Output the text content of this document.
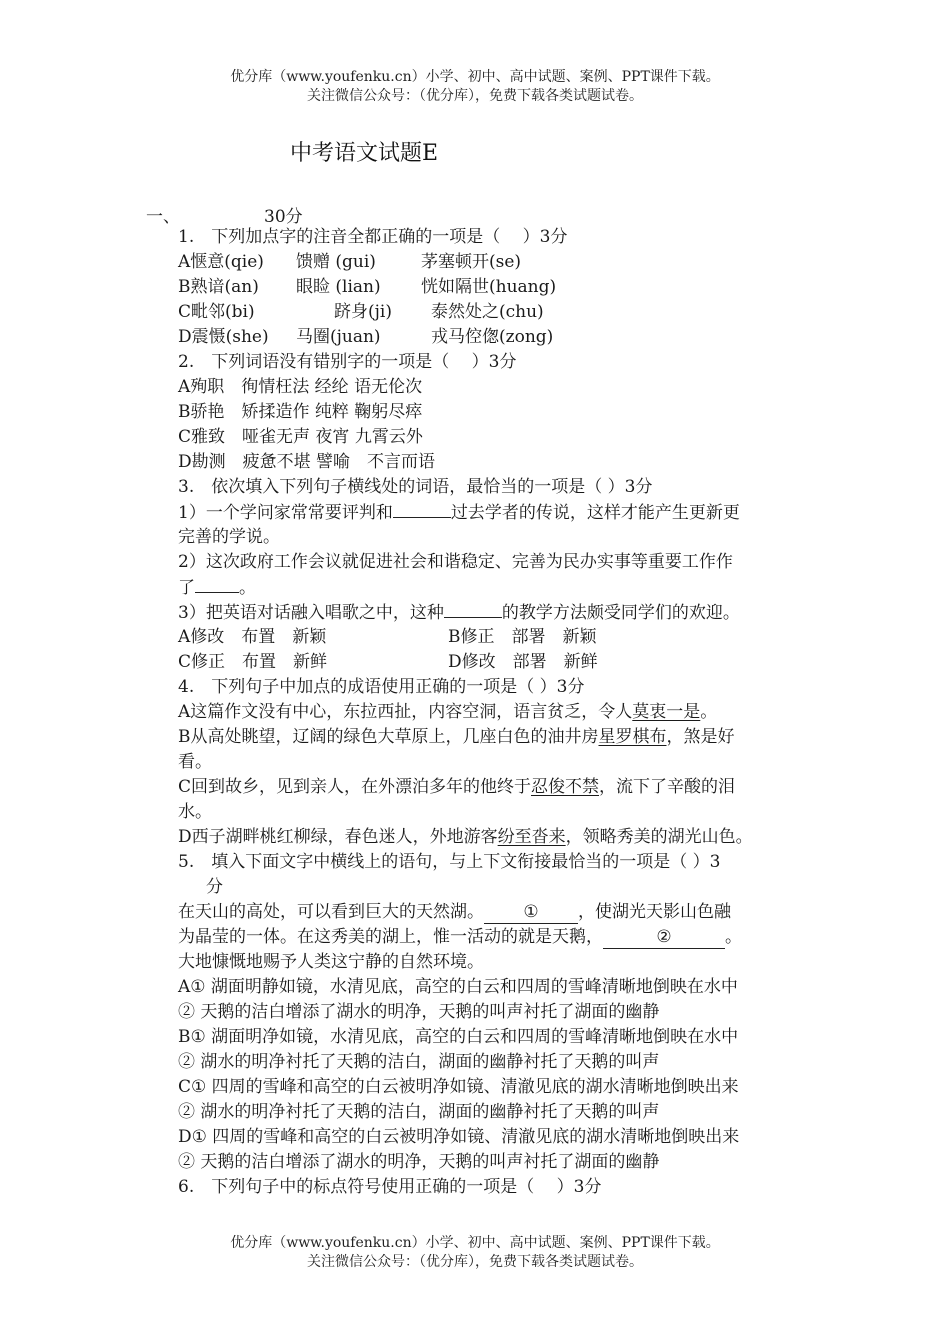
优分库（www.youfenku.cn）小学、初中、高中试题、案例、PPT课件下载。
关注微信公众号：（优分库），免费下载各类试题试卷。
中考语文试题E
一、	30分
1.　下列加点字的注音全都正确的一项是（　 ）3分
A惬意(qie) 馈赠 (gui)	茅塞顿开(se)
B熟谙(an) 眼睑 (lian) 恍如隔世(huang)
C毗邻(bi)	跻身(ji) 泰然处之(chu)
D震慑(she) 马圈(juan)	戎马倥偬(zong)
2.　下列词语没有错别字的一项是（　 ）3分
A殉职　徇情枉法 经纶 语无伦次
B骄艳　矫揉造作 纯粹 鞠躬尽瘁
C雅致　哑雀无声 夜宵 九霄云外
D勘测　疲惫不堪 譬喻　不言而语
3.　依次填入下列句子横线处的词语，最恰当的一项是（ ）3分
1）一个学问家常常要评判和	过去学者的传说，这样才能产生更新更
完善的学说。
2）这次政府工作会议就促进社会和谐稳定、完善为民办实事等重要工作作
了	。
3）把英语对话融入唱歌之中，这种	的教学方法颇受同学们的欢迎。
A修改　布置　新颖	B修正　部署　新颖
C修正　布置　新鲜	D修改　部署　新鲜
4.　下列句子中加点的成语使用正确的一项是（ ）3分
A这篇作文没有中心，东拉西扯，内容空洞，语言贫乏，令人莫衷一是。
B从高处眺望，辽阔的绿色大草原上，几座白色的油井房星罗棋布，煞是好
看。
C回到故乡，见到亲人，在外漂泊多年的他终于忍俊不禁，流下了辛酸的泪
水。
D西子湖畔桃红柳绿，春色迷人，外地游客纷至沓来，领略秀美的湖光山色。
5.　填入下面文字中横线上的语句，与上下文衔接最恰当的一项是（ ）3
分
在天山的高处，可以看到巨大的天然湖。 ① ，使湖光天影山色融
为晶莹的一体。在这秀美的湖上，惟一活动的就是天鹅，	②	。
大地慷慨地赐予人类这宁静的自然环境。
A① 湖面明静如镜，水清见底，高空的白云和四周的雪峰清晰地倒映在水中
② 天鹅的洁白增添了湖水的明净，天鹅的叫声衬托了湖面的幽静
B① 湖面明净如镜，水清见底，高空的白云和四周的雪峰清晰地倒映在水中
② 湖水的明净衬托了天鹅的洁白，湖面的幽静衬托了天鹅的叫声
C① 四周的雪峰和高空的白云被明净如镜、清澈见底的湖水清晰地倒映出来
② 湖水的明净衬托了天鹅的洁白，湖面的幽静衬托了天鹅的叫声
D① 四周的雪峰和高空的白云被明净如镜、清澈见底的湖水清晰地倒映出来
② 天鹅的洁白增添了湖水的明净，天鹅的叫声衬托了湖面的幽静
6.　下列句子中的标点符号使用正确的一项是（　 ）3分
优分库（www.youfenku.cn）小学、初中、高中试题、案例、PPT课件下载。
关注微信公众号：（优分库），免费下载各类试题试卷。
